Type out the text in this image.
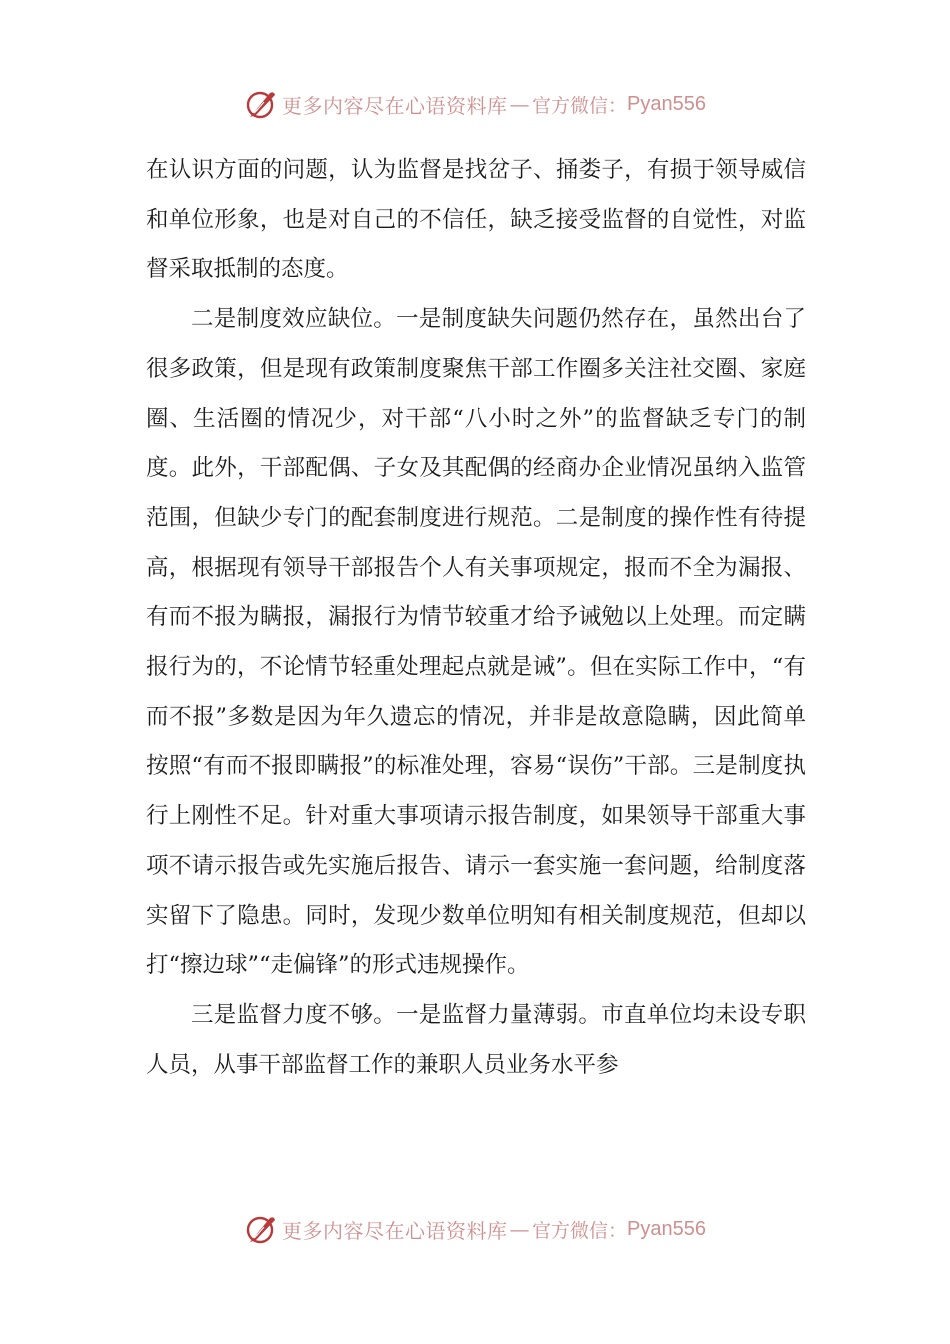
更多内容尽在心语资料库 — 官方微信： Pyan556

在认识方面的问题，认为监督是找岔子、捅娄子，有损于领导威信和单位形象，也是对自己的不信任，缺乏接受监督的自觉性，对监督采取抵制的态度。

二是制度效应缺位。一是制度缺失问题仍然存在，虽然出台了很多政策，但是现有政策制度聚焦干部工作圈多关注社交圈、家庭圈、生活圈的情况少，对干部“八小时之外”的监督缺乏专门的制度。此外，干部配偶、子女及其配偶的经商办企业情况虽纳入监管范围，但缺少专门的配套制度进行规范。二是制度的操作性有待提高，根据现有领导干部报告个人有关事项规定，报而不全为漏报、有而不报为瞒报，漏报行为情节较重才给予诫勉以上处理。而定瞒报行为的，不论情节轻重处理起点就是诫”。但在实际工作中，“有而不报”多数是因为年久遗忘的情况，并非是故意隐瞒，因此简单按照“有而不报即瞒报”的标准处理，容易“误伤”干部。三是制度执行上刚性不足。针对重大事项请示报告制度，如果领导干部重大事项不请示报告或先实施后报告、请示一套实施一套问题，给制度落实留下了隐患。同时，发现少数单位明知有相关制度规范，但却以打“擦边球”“走偏锋”的形式违规操作。

三是监督力度不够。一是监督力量薄弱。市直单位均未设专职人员，从事干部监督工作的兼职人员业务水平参

更多内容尽在心语资料库 — 官方微信： Pyan556
